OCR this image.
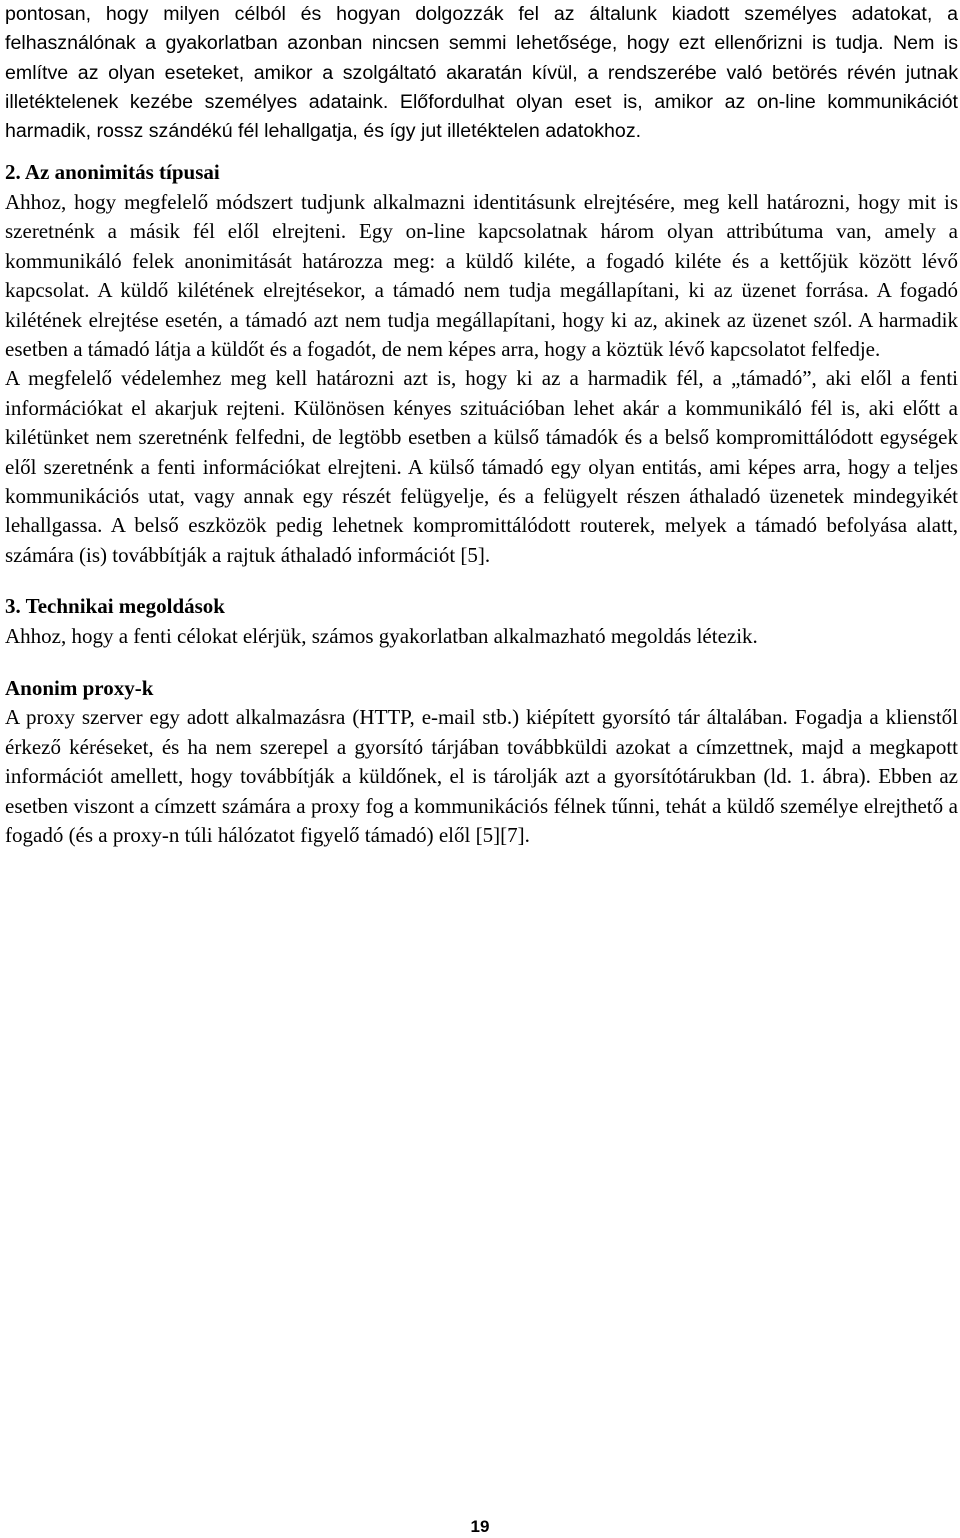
pontosan, hogy milyen célból és hogyan dolgozzák fel az általunk kiadott személyes adatokat, a felhasználónak a gyakorlatban azonban nincsen semmi lehetősége, hogy ezt ellenőrizni is tudja. Nem is említve az olyan eseteket, amikor a szolgáltató akaratán kívül, a rendszerébe való betörés révén jutnak illetéktelenek kezébe személyes adataink. Előfordulhat olyan eset is, amikor az on-line kommunikációt harmadik, rossz szándékú fél lehallgatja, és így jut illetéktelen adatokhoz.

2. Az anonimitás típusai

Ahhoz, hogy megfelelő módszert tudjunk alkalmazni identitásunk elrejtésére, meg kell határozni, hogy mit is szeretnénk a másik fél elől elrejteni. Egy on-line kapcsolatnak három olyan attribútuma van, amely a kommunikáló felek anonimitását határozza meg: a küldő kiléte, a fogadó kiléte és a kettőjük között lévő kapcsolat. A küldő kilétének elrejtésekor, a támadó nem tudja megállapítani, ki az üzenet forrása. A fogadó kilétének elrejtése esetén, a támadó azt nem tudja megállapítani, hogy ki az, akinek az üzenet szól. A harmadik esetben a támadó látja a küldőt és a fogadót, de nem képes arra, hogy a köztük lévő kapcsolatot felfedje.

A megfelelő védelemhez meg kell határozni azt is, hogy ki az a harmadik fél, a „támadó”, aki elől a fenti információkat el akarjuk rejteni. Különösen kényes szituációban lehet akár a kommunikáló fél is, aki előtt a kilétünket nem szeretnénk felfedni, de legtöbb esetben a külső támadók és a belső kompromittálódott egységek elől szeretnénk a fenti információkat elrejteni. A külső támadó egy olyan entitás, ami képes arra, hogy a teljes kommunikációs utat, vagy annak egy részét felügyelje, és a felügyelt részen áthaladó üzenetek mindegyikét lehallgassa. A belső eszközök pedig lehetnek kompromittálódott routerek, melyek a támadó befolyása alatt, számára (is) továbbítják a rajtuk áthaladó információt [5].

3. Technikai megoldások

Ahhoz, hogy a fenti célokat elérjük, számos gyakorlatban alkalmazható megoldás létezik.

Anonim proxy-k

A proxy szerver egy adott alkalmazásra (HTTP, e-mail stb.) kiépített gyorsító tár általában. Fogadja a klienstől érkező kéréseket, és ha nem szerepel a gyorsító tárjában továbbküldi azokat a címzettnek, majd a megkapott információt amellett, hogy továbbítják a küldőnek, el is tárolják azt a gyorsítótárukban (ld. 1. ábra). Ebben az esetben viszont a címzett számára a proxy fog a kommunikációs félnek tűnni, tehát a küldő személye elrejthető a fogadó (és a proxy-n túli hálózatot figyelő támadó) elől [5][7].

19
